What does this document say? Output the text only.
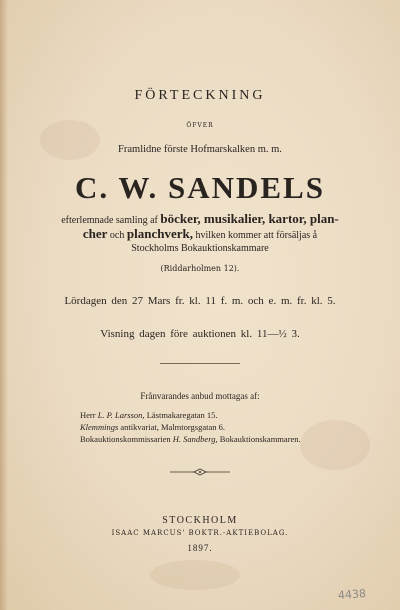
FÖRTECKNING
ÖFVER
Framlidne förste Hofmarskalken m. m.
C. W. SANDELS
efterlemnade samling af böcker, musikalier, kartor, plan-
cher och planchverk, hvilken kommer att försäljas å
Stockholms Bokauktionskammare
(Riddarholmen 12).
Lördagen den 27 Mars fr. kl. 11 f. m. och e. m. fr. kl. 5.
Visning dagen före auktionen kl. 11—½ 3.
Frånvarandes anbud mottagas af:
Herr L. P. Larsson, Lästmakaregatan 15.
Klemmings antikvariat, Malmtorgsgatan 6.
Bokauktionskommissarien H. Sandberg, Bokauktionskammaren.
STOCKHOLM
ISAAC MARCUS' BOKTR.-AKTIEBOLAG.
1897.
4438
